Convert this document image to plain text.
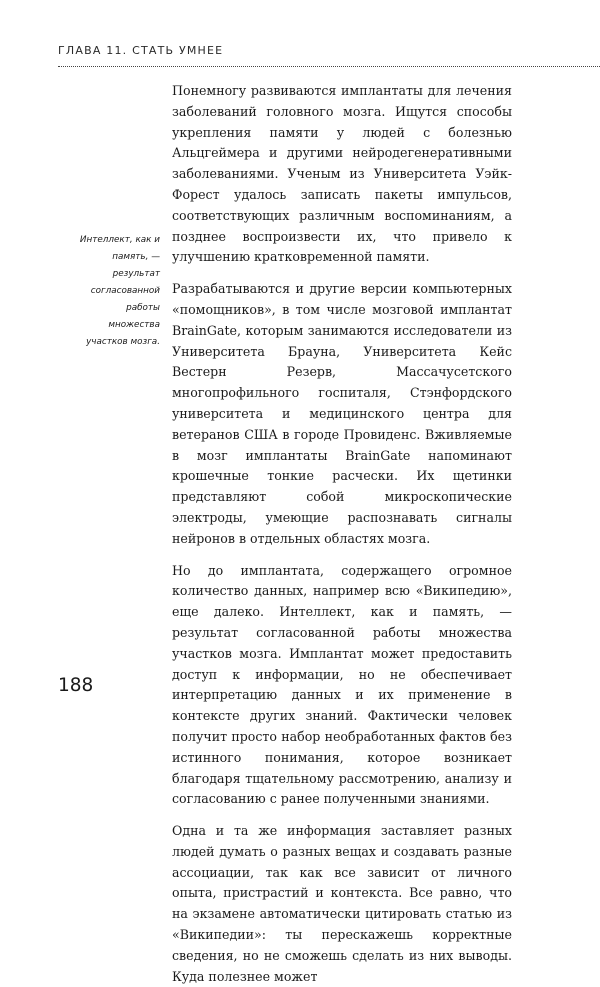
ГЛАВА 11. СТАТЬ УМНЕЕ
Интеллект, как и память, — результат согласованной работы множества участков мозга.

Понемногу развиваются имплантаты для лечения заболеваний головного мозга. Ищутся способы укрепления памяти у людей с болезнью Альцгеймера и другими нейродегенеративными заболеваниями. Ученым из Университета Уэйк-Форест удалось записать пакеты импульсов, соответствующих различным воспоминаниям, а позднее воспроизвести их, что привело к улучшению кратковременной памяти.

Разрабатываются и другие версии компьютерных «помощников», в том числе мозговой имплантат BrainGate, которым занимаются исследователи из Университета Брауна, Университета Кейс Вестерн Резерв, Массачусетского многопрофильного госпиталя, Стэнфордского университета и медицинского центра для ветеранов США в городе Провиденс. Вживляемые в мозг имплантаты BrainGate напоминают крошечные тонкие расчески. Их щетинки представляют собой микроскопические электроды, умеющие распознавать сигналы нейронов в отдельных областях мозга.

Но до имплантата, содержащего огромное количество данных, например всю «Википедию», еще далеко. Интеллект, как и память, — результат согласованной работы множества участков мозга. Имплантат может предоставить доступ к информации, но не обеспечивает интерпретацию данных и их применение в контексте других знаний. Фактически человек получит просто набор необработанных фактов без истинного понимания, которое возникает благодаря тщательному рассмотрению, анализу и согласованию с ранее полученными знаниями.

Одна и та же информация заставляет разных людей думать о разных вещах и создавать разные ассоциации, так как все зависит от личного опыта, пристрастий и контекста. Все равно, что на экзамене автоматически цитировать статью из «Википедии»: ты перескажешь корректные сведения, но не сможешь сделать из них выводы. Куда полезнее может

188
